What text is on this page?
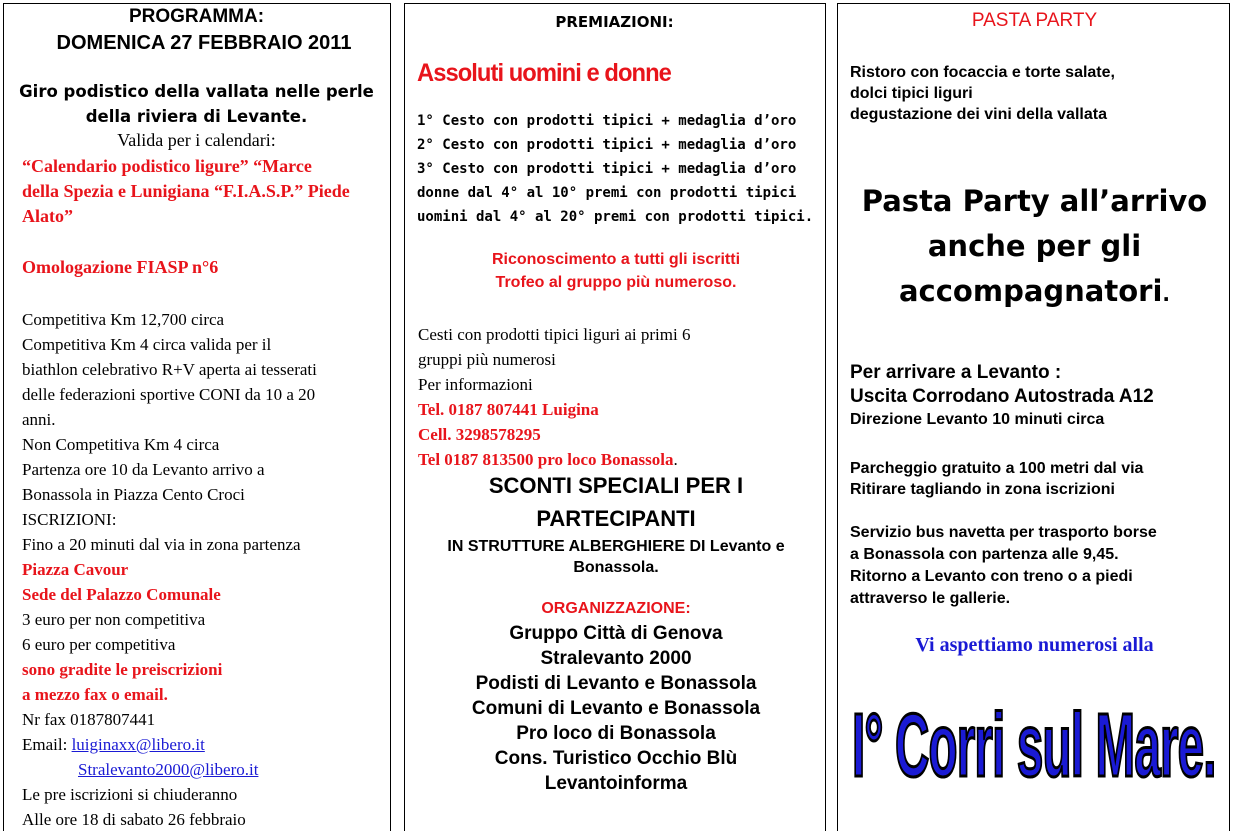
PROGRAMMA:
DOMENICA 27 FEBBRAIO 2011
Giro podistico della vallata nelle perle
della riviera di Levante.
Valida per i calendari:
“Calendario podistico ligure” “Marce
della Spezia e Lunigiana “F.I.A.S.P.” Piede
Alato”
Omologazione FIASP n°6
Competitiva Km 12,700 circa
Competitiva Km 4 circa valida per il
biathlon celebrativo R+V aperta ai tesserati
delle federazioni sportive CONI da 10 a 20
anni.
Non Competitiva Km 4 circa
Partenza ore 10 da Levanto arrivo a
Bonassola in Piazza Cento Croci
ISCRIZIONI:
Fino a 20 minuti dal via in zona partenza
Piazza Cavour
Sede del Palazzo Comunale
3 euro per non competitiva
6 euro per competitiva
sono gradite le preiscrizioni
a mezzo fax o email.
Nr fax 0187807441
Email: luiginaxx@libero.it
Stralevanto2000@libero.it
Le pre iscrizioni si chiuderanno
Alle ore 18 di sabato 26 febbraio
PREMIAZIONI:
Assoluti uomini e donne
1° Cesto con prodotti tipici + medaglia d’oro
2° Cesto con prodotti tipici + medaglia d’oro
3° Cesto con prodotti tipici + medaglia d’oro
donne dal 4° al 10° premi con prodotti tipici
uomini dal 4° al 20° premi con prodotti tipici.
Riconoscimento a tutti gli iscritti
Trofeo al gruppo più numeroso.
Cesti con prodotti tipici liguri ai primi 6
gruppi più numerosi
Per informazioni
Tel. 0187 807441 Luigina
Cell. 3298578295
Tel 0187 813500 pro loco Bonassola.
SCONTI SPECIALI PER I
PARTECIPANTI
IN STRUTTURE ALBERGHIERE DI Levanto e
Bonassola.
ORGANIZZAZIONE:
Gruppo Città di Genova
Stralevanto 2000
Podisti di Levanto e Bonassola
Comuni di Levanto e Bonassola
Pro loco di Bonassola
Cons. Turistico Occhio Blù
Levantoinforma
PASTA PARTY
Ristoro con focaccia e torte salate,
dolci tipici liguri
degustazione dei vini della vallata
Pasta Party all’arrivo
anche per gli
accompagnatori.
Per arrivare a Levanto :
Uscita Corrodano Autostrada A12
Direzione Levanto 10 minuti circa
Parcheggio gratuito a 100 metri dal via
Ritirare tagliando in zona iscrizioni
Servizio bus navetta per trasporto borse
a Bonassola con partenza alle 9,45.
Ritorno a Levanto con treno o a piedi
attraverso le gallerie.
Vi aspettiamo numerosi alla
I° Corri sul Mare.
